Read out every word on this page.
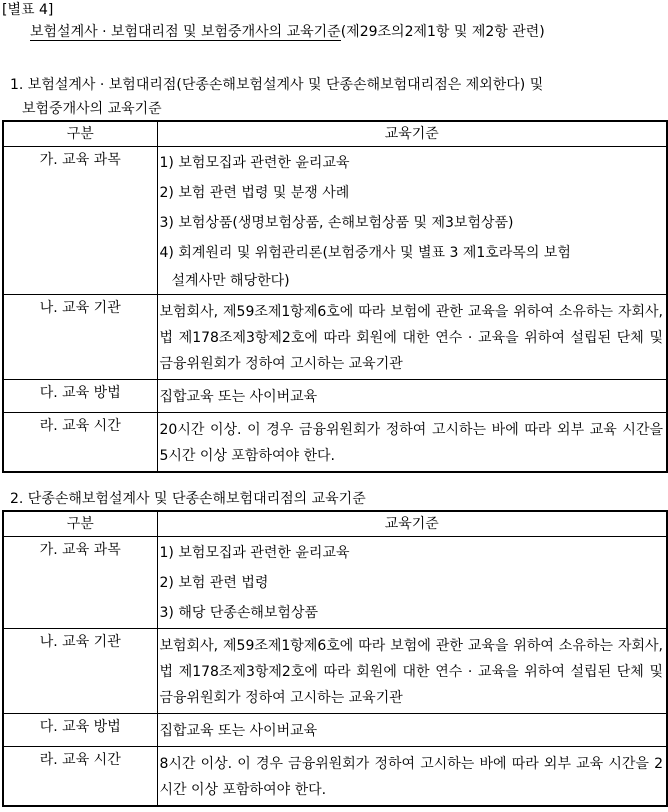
[별표 4]
보험설계사 · 보험대리점 및 보험중개사의 교육기준(제29조의2제1항 및 제2항 관련)
1. 보험설계사 · 보험대리점(단종손해보험설계사 및 단종손해보험대리점은 제외한다) 및
보험중개사의 교육기준
구분	교육기준
가. 교육 과목	1) 보험모집과 관련한 윤리교육
2) 보험 관련 법령 및 분쟁 사례
3) 보험상품(생명보험상품, 손해보험상품 및 제3보험상품)
4) 회계원리 및 위험관리론(보험중개사 및 별표 3 제1호라목의 보험
설계사만 해당한다)

나. 교육 기관	보험회사, 제59조제1항제6호에 따라 보험에 관한 교육을 위하여 소유하는 자회사, 법 제178조제3항제2호에 따라 회원에 대한 연수 · 교육을 위하여 설립된 단체 및 금융위원회가 정하여 고시하는 교육기관
다. 교육 방법	집합교육 또는 사이버교육
라. 교육 시간	20시간 이상. 이 경우 금융위원회가 정하여 고시하는 바에 따라 외부 교육 시간을 5시간 이상 포함하여야 한다.
2. 단종손해보험설계사 및 단종손해보험대리점의 교육기준
구분	교육기준
가. 교육 과목	1) 보험모집과 관련한 윤리교육
2) 보험 관련 법령
3) 해당 단종손해보험상품

나. 교육 기관	보험회사, 제59조제1항제6호에 따라 보험에 관한 교육을 위하여 소유하는 자회사, 법 제178조제3항제2호에 따라 회원에 대한 연수 · 교육을 위하여 설립된 단체 및 금융위원회가 정하여 고시하는 교육기관
다. 교육 방법	집합교육 또는 사이버교육
라. 교육 시간	8시간 이상. 이 경우 금융위원회가 정하여 고시하는 바에 따라 외부 교육 시간을 2시간 이상 포함하여야 한다.
